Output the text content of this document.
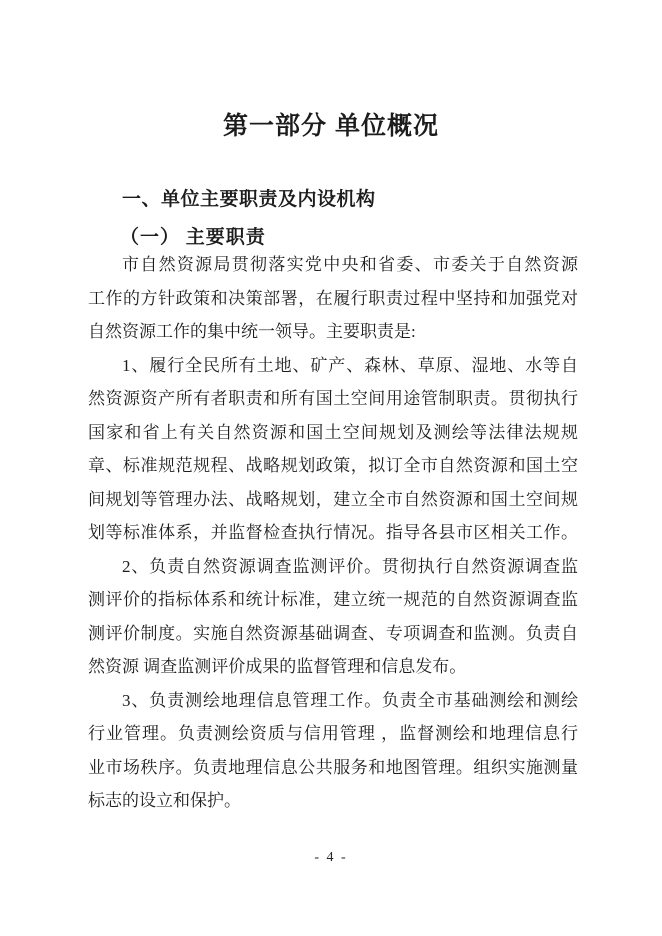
第一部分 单位概况
一、单位主要职责及内设机构
（一） 主要职责
市自然资源局贯彻落实党中央和省委、市委关于自然资源
工作的方针政策和决策部署，在履行职责过程中坚持和加强党对
自然资源工作的集中统一领导。主要职责是:
1、履行全民所有土地、矿产、森林、草原、湿地、水等自
然资源资产所有者职责和所有国土空间用途管制职责。贯彻执行
国家和省上有关自然资源和国土空间规划及测绘等法律法规规
章、标准规范规程、战略规划政策，拟订全市自然资源和国土空
间规划等管理办法、战略规划，建立全市自然资源和国土空间规
划等标准体系，并监督检查执行情况。指导各县市区相关工作。
2、负责自然资源调查监测评价。贯彻执行自然资源调查监
测评价的指标体系和统计标准，建立统一规范的自然资源调查监
测评价制度。实施自然资源基础调查、专项调查和监测。负责自
然资源 调查监测评价成果的监督管理和信息发布。
3、负责测绘地理信息管理工作。负责全市基础测绘和测绘
行业管理。负责测绘资质与信用管理 ，监督测绘和地理信息行
业市场秩序。负责地理信息公共服务和地图管理。组织实施测量
标志的设立和保护。
- 4 -
